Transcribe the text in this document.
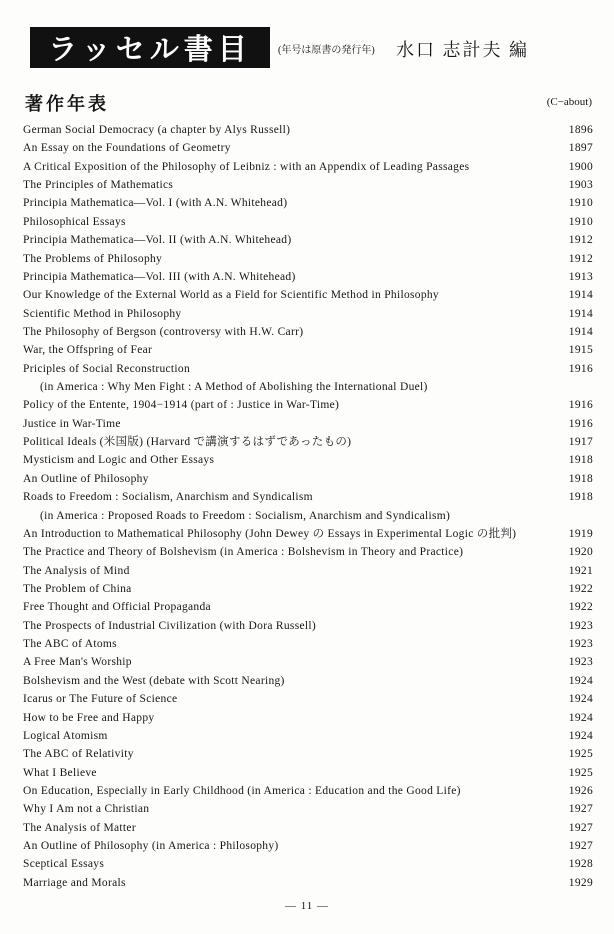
ラッセル書目	(年号は原書の発行年) 水口 志計夫 編
著作年表	(C−about)
German Social Democracy (a chapter by Alys Russell)	1896
An Essay on the Foundations of Geometry	1897
A Critical Exposition of the Philosophy of Leibniz : with an Appendix of Leading Passages	1900
The Principles of Mathematics	1903
Principia Mathematica—Vol. I (with A.N. Whitehead)	1910
Philosophical Essays	1910
Principia Mathematica—Vol. II (with A.N. Whitehead)	1912
The Problems of Philosophy	1912
Principia Mathematica—Vol. III (with A.N. Whitehead)	1913
Our Knowledge of the External World as a Field for Scientific Method in Philosophy	1914
Scientific Method in Philosophy	1914
The Philosophy of Bergson (controversy with H.W. Carr)	1914
War, the Offspring of Fear	1915
Priciples of Social Reconstruction	1916
(in America : Why Men Fight : A Method of Abolishing the International Duel)
Policy of the Entente, 1904−1914 (part of : Justice in War-Time)	1916
Justice in War-Time	1916
Political Ideals (米国版) (Harvard で講演するはずであったもの)	1917
Mysticism and Logic and Other Essays	1918
An Outline of Philosophy	1918
Roads to Freedom : Socialism, Anarchism and Syndicalism	1918
(in America : Proposed Roads to Freedom : Socialism, Anarchism and Syndicalism)
An Introduction to Mathematical Philosophy (John Dewey の Essays in Experimental Logic の批判)	1919
The Practice and Theory of Bolshevism (in America : Bolshevism in Theory and Practice)	1920
The Analysis of Mind	1921
The Problem of China	1922
Free Thought and Official Propaganda	1922
The Prospects of Industrial Civilization (with Dora Russell)	1923
The ABC of Atoms	1923
A Free Man's Worship	1923
Bolshevism and the West (debate with Scott Nearing)	1924
Icarus or The Future of Science	1924
How to be Free and Happy	1924
Logical Atomism	1924
The ABC of Relativity	1925
What I Believe	1925
On Education, Especially in Early Childhood (in America : Education and the Good Life)	1926
Why I Am not a Christian	1927
The Analysis of Matter	1927
An Outline of Philosophy (in America : Philosophy)	1927
Sceptical Essays	1928
Marriage and Morals	1929
— 11 —
